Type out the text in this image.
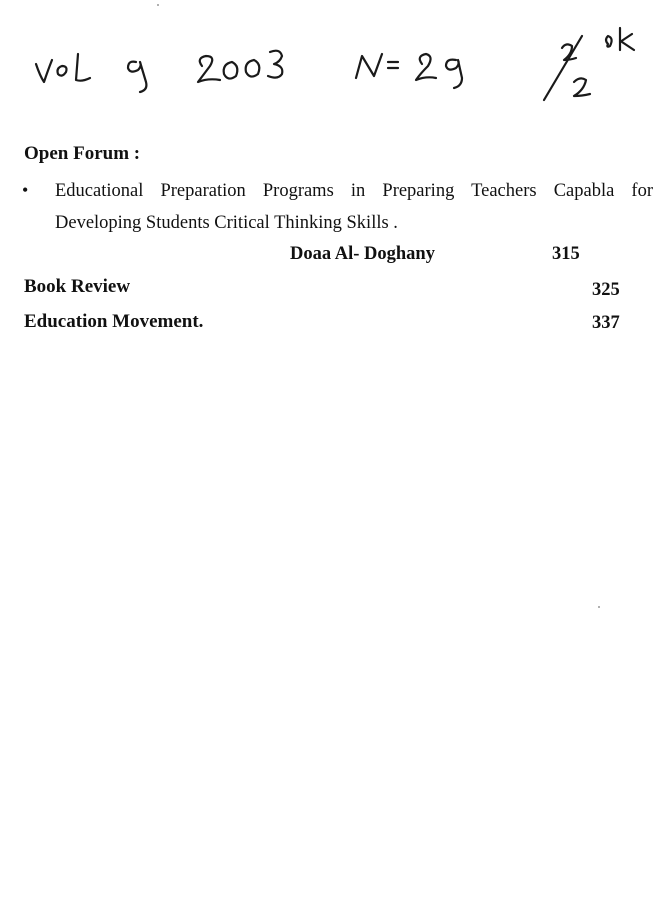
Open Forum :
• Educational Preparation Programs in Preparing Teachers Capabla for
Developing Students Critical Thinking Skills .

Doaa Al- Doghany	315
Book Review	325
Education Movement.	337
